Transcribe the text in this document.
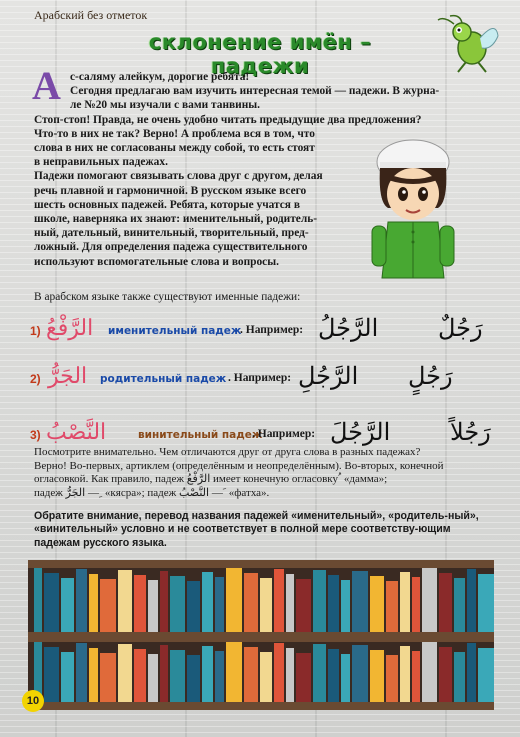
Арабский без отметок
склонение имён – падежи
А с-саляму алейкум, дорогие ребята!
Сегодня предлагаю вам изучить интересная темой — падежи. В журна-
ле №20 мы изучали с вами танвины.
Стоп-стоп! Правда, не очень удобно читать предыдущие два предложения?
Что-то в них не так? Верно! А проблема вся в том, что
слова в них не согласованы между собой, то есть стоят
в неправильных падежах.
Падежи помогают связывать слова друг с другом, делая
речь плавной и гармоничной. В русском языке всего
шесть основных падежей. Ребята, которые учатся в
школе, наверняка их знают: именительный, родитель-
ный, дательный, винительный, творительный, пред-
ложный. Для определения падежа существительного
используют вспомогательные слова и вопросы.
В арабском языке также существуют именные падежи:
1) الرَّفْعُ именительный падеж
. Например: الرَّجُلُ رَجُلٌ
2) الجَرُّ родительный падеж . Например: الرَّجُلِ رَجُلٍ
3) النَّصْبُ	винительный падеж
. Например: الرَّجُلَ رَجُلاً
Посмотрите внимательно. Чем отличаются друг от друга слова в разных падежах?
Верно! Во-первых, артиклем (определённым и неопределённым). Во-вторых, конечной
огласовкой. Как правило, падеж الرَّفْعُ имеет конечную огласовку ُ «дамма»;
падеж الجَرُّ — ِ «кясра»; падеж النَّصْبُ — َ «фатха».
Обратите внимание, перевод названия падежей «именительный», «родитель-ный», «винительный» условно и не соответствует в полной мере соответству-ющим падежам русского языка.
10
